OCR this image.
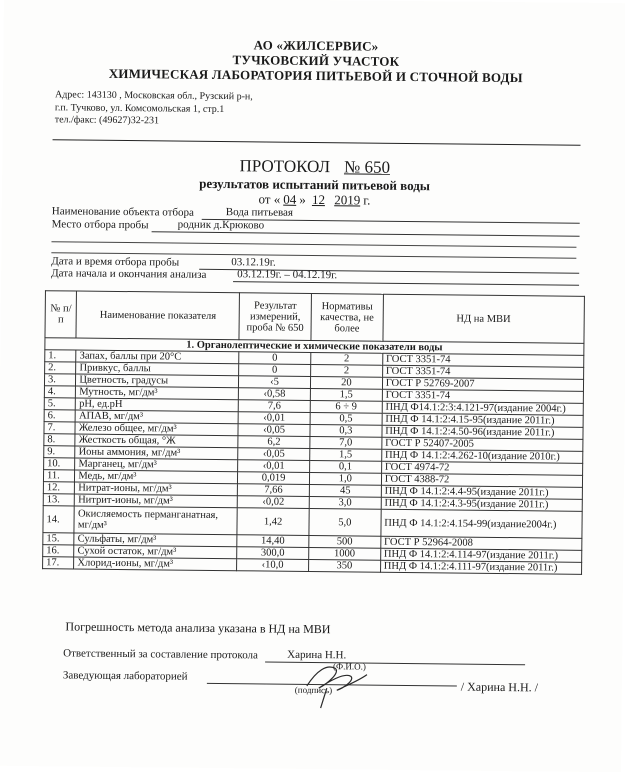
АО «ЖИЛСЕРВИС»
ТУЧКОВСКИЙ УЧАСТОК
ХИМИЧЕСКАЯ ЛАБОРАТОРИЯ ПИТЬЕВОЙ И СТОЧНОЙ ВОДЫ
Адрес: 143130 , Московская обл., Рузский р-н,
г.п. Тучково, ул. Комсомольская 1, стр.1
тел./факс: (49627)32-231
ПРОТОКОЛ № 650
результатов испытаний питьевой воды
от « 04 » 12 2019 г.
Наименование объекта отбора	Вода питьевая
Место отбора пробы	родник д.Крюково
Дата и время отбора пробы	03.12.19г.
Дата начала и окончания анализа	03.12.19г. – 04.12.19г.
№ п/п	Наименование показателя	Результат измерений, проба № 650	Нормативы качества, не более	НД на МВИ
1. Органолептические и химические показатели воды				
1.	Запах, баллы при 20°С	0	2	ГОСТ 3351-74
2.	Привкус, баллы	0	2	ГОСТ 3351-74
3.	Цветность, градусы	‹5	20	ГОСТ Р 52769-2007
4.	Мутность, мг/дм³	‹0,58	1,5	ГОСТ 3351-74
5.	рН, ед.рН	7,6	6 ÷ 9	ПНД Ф14.1:2:3:4.121-97(издание 2004г.)
6.	АПАВ, мг/дм³	‹0,01	0,5	ПНД Ф 14.1:2:4.15-95(издание 2011г.)
7.	Железо общее, мг/дм³	‹0,05	0,3	ПНД Ф 14.1:2:4.50-96(издание 2011г.)
8.	Жесткость общая, °Ж	6,2	7,0	ГОСТ Р 52407-2005
9.	Ионы аммония, мг/дм³	‹0,05	1,5	ПНД Ф 14.1:2:4.262-10(издание 2010г.)
10.	Марганец, мг/дм³	‹0,01	0,1	ГОСТ 4974-72
11.	Медь, мг/дм³	0,019	1,0	ГОСТ 4388-72
12.	Нитрат-ионы, мг/дм³	7,66	45	ПНД Ф 14.1:2:4.4-95(издание 2011г.)
13.	Нитрит-ионы, мг/дм³	‹0,02	3,0	ПНД Ф 14.1:2:4.3-95(издание 2011г.)
14.	Окисляемость перманганатная, мг/дм³	1,42	5,0	ПНД Ф 14.1:2:4.154-99(издание2004г.)
15.	Сульфаты, мг/дм³	14,40	500	ГОСТ Р 52964-2008
16.	Сухой остаток, мг/дм³	300,0	1000	ПНД Ф 14.1:2:4.114-97(издание 2011г.)
17.	Хлорид-ионы, мг/дм³	‹10,0	350	ПНД Ф 14.1:2:4.111-97(издание 2011г.)
Погрешность метода анализа указана в НД на МВИ
Ответственный за составление протокола	Харина Н.Н.
(Ф.И.О.)
Заведующая лабораторией
/ Харина Н.Н. /
(подпись)
